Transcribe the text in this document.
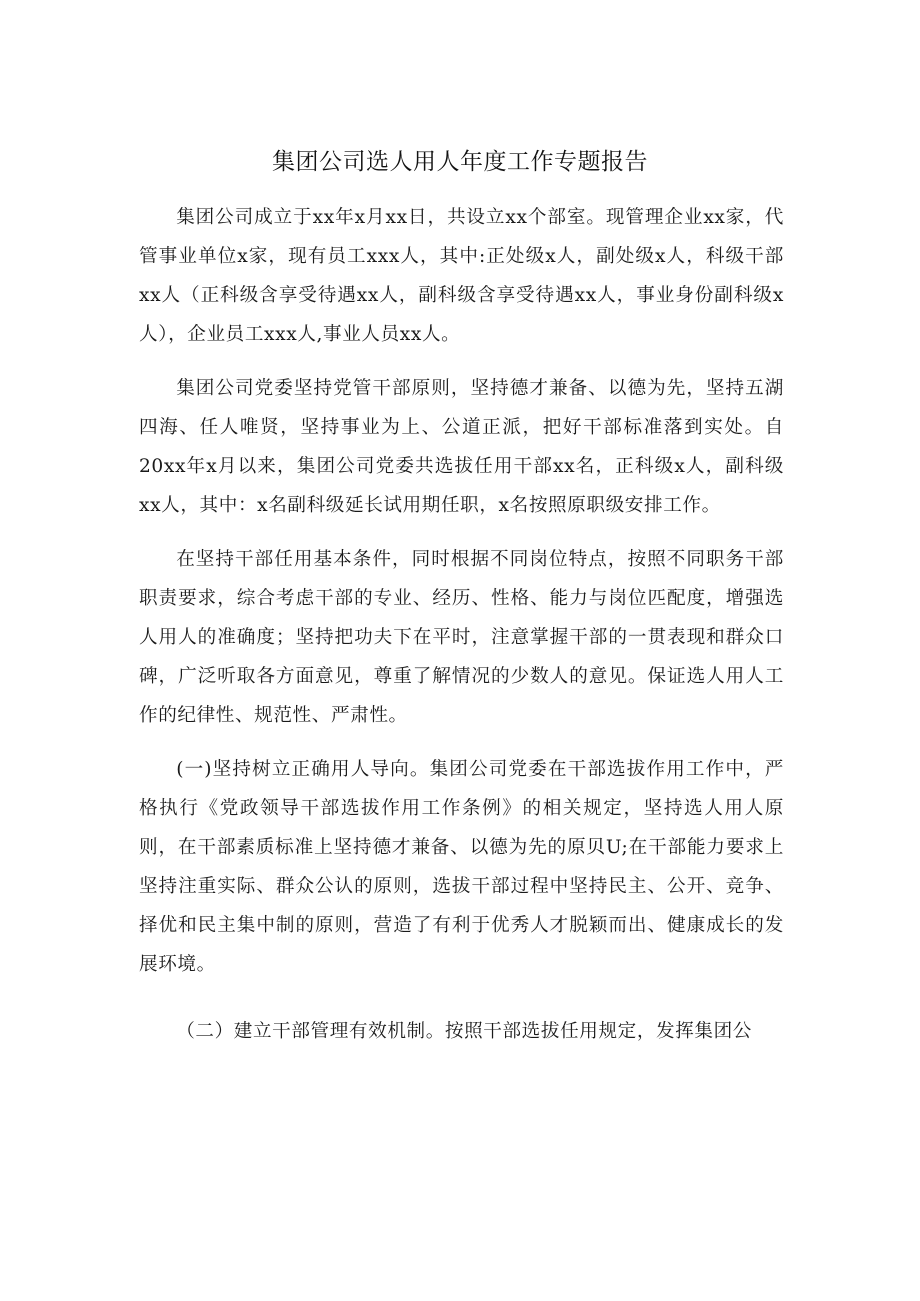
集团公司选人用人年度工作专题报告

集团公司成立于xx年x月xx日，共设立xx个部室。现管理企业xx家，代管事业单位x家，现有员工xxx人，其中:正处级x人，副处级x人，科级干部xx人（正科级含享受待遇xx人，副科级含享受待遇xx人，事业身份副科级x人），企业员工xxx人,事业人员xx人。

集团公司党委坚持党管干部原则，坚持德才兼备、以德为先，坚持五湖四海、任人唯贤，坚持事业为上、公道正派，把好干部标准落到实处。自20xx年x月以来，集团公司党委共选拔任用干部xx名，正科级x人，副科级xx人，其中：x名副科级延长试用期任职，x名按照原职级安排工作。

在坚持干部任用基本条件，同时根据不同岗位特点，按照不同职务干部职责要求，综合考虑干部的专业、经历、性格、能力与岗位匹配度，增强选人用人的准确度；坚持把功夫下在平时，注意掌握干部的一贯表现和群众口碑，广泛听取各方面意见，尊重了解情况的少数人的意见。保证选人用人工作的纪律性、规范性、严肃性。

(一)坚持树立正确用人导向。集团公司党委在干部选拔作用工作中，严格执行《党政领导干部选拔作用工作条例》的相关规定，坚持选人用人原则，在干部素质标准上坚持德才兼备、以德为先的原贝U;在干部能力要求上坚持注重实际、群众公认的原则，选拔干部过程中坚持民主、公开、竞争、择优和民主集中制的原则，营造了有利于优秀人才脱颖而出、健康成长的发展环境。

（二）建立干部管理有效机制。按照干部选拔任用规定，发挥集团公
